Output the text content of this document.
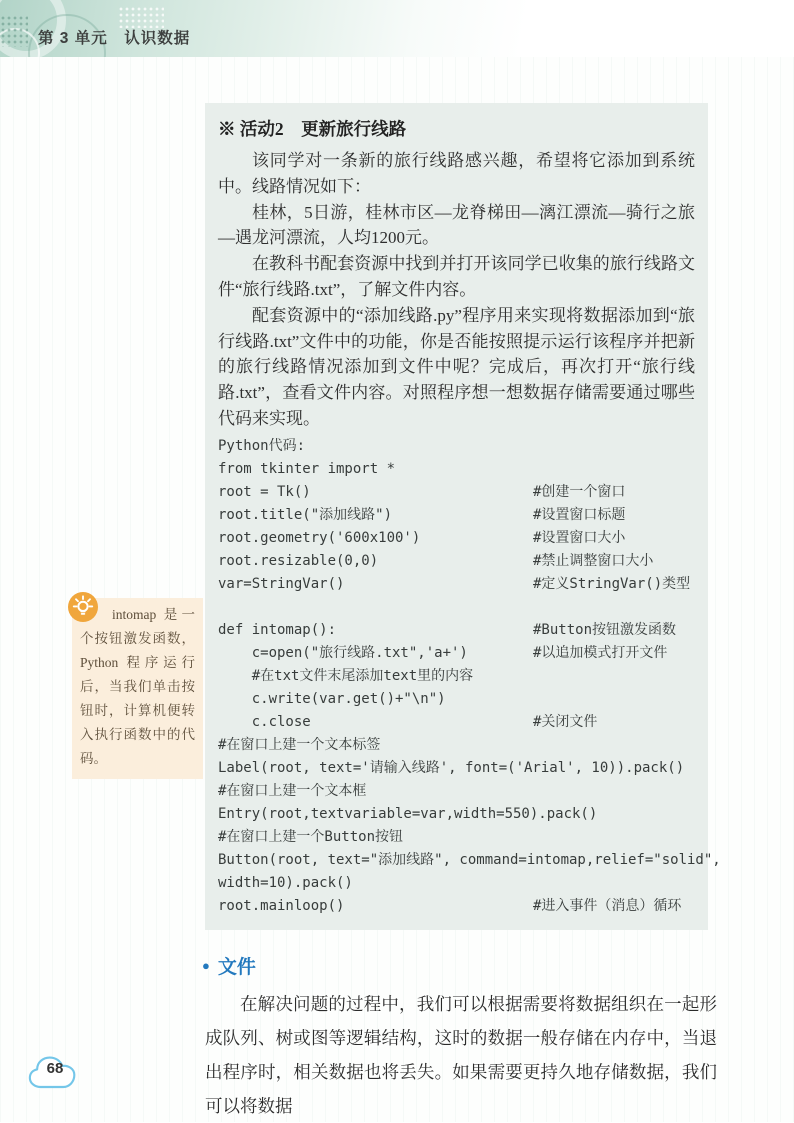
第 3 单元　认识数据
※ 活动2　更新旅行线路

该同学对一条新的旅行线路感兴趣，希望将它添加到系统中。线路情况如下：

桂林，5日游，桂林市区—龙脊梯田—漓江漂流—骑行之旅—遇龙河漂流，人均1200元。

在教科书配套资源中找到并打开该同学已收集的旅行线路文件“旅行线路.txt”，了解文件内容。

配套资源中的“添加线路.py”程序用来实现将数据添加到“旅行线路.txt”文件中的功能，你是否能按照提示运行该程序并把新的旅行线路情况添加到文件中呢？完成后，再次打开“旅行线路.txt”，查看文件内容。对照程序想一想数据存储需要通过哪些代码来实现。

Python代码:
from tkinter import *
root = Tk()	#创建一个窗口
root.title("添加线路")	#设置窗口标题
root.geometry('600x100')	#设置窗口大小
root.resizable(0,0)	#禁止调整窗口大小
var=StringVar()	#定义StringVar()类型
def intomap():	#Button按钮激发函数
c=open("旅行线路.txt",'a+')	#以追加模式打开文件
#在txt文件末尾添加text里的内容
c.write(var.get()+"\n")
c.close	#关闭文件
#在窗口上建一个文本标签
Label(root, text='请输入线路', font=('Arial', 10)).pack()
#在窗口上建一个文本框
Entry(root,textvariable=var,width=550).pack()
#在窗口上建一个Button按钮
Button(root, text="添加线路", command=intomap,relief="solid",
width=10).pack()
root.mainloop()	#进入事件（消息）循环
● 文件

在解决问题的过程中，我们可以根据需要将数据组织在一起形成队列、树或图等逻辑结构，这时的数据一般存储在内存中，当退出程序时，相关数据也将丢失。如果需要更持久地存储数据，我们可以将数据

intomap 是一个按钮激发函数，Python 程序运行后，当我们单击按钮时，计算机便转入执行函数中的代码。
68
